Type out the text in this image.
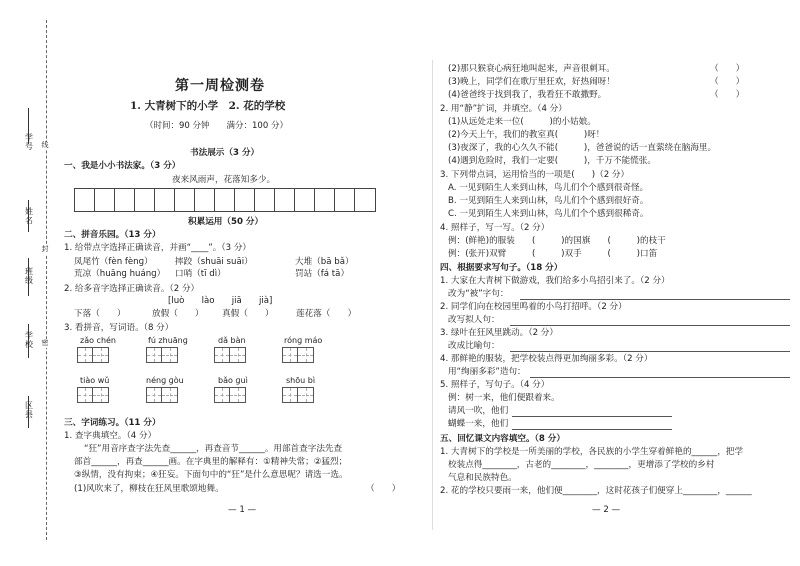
学号
姓名
班级
学校
区县
线
封
密
第一周检测卷
1. 大青树下的小学　2. 花的学校
（时间：90 分钟　　满分：100 分）
书法展示（3 分）
一、我是小小书法家。（3 分）
夜来风雨声，花落知多少。
积累运用（50 分）
二、拼音乐园。（13 分）
1. 给带点字选择正确读音，并画“____”。（3 分）
凤尾竹（fèn fènɡ）	摔跤（shuāi suāi）	大堆（bā bǎ）
荒凉（huānɡ huánɡ） 口哨（tī dì）	罚站（fá tā）
2. 给多音字选择正确读音。（2 分）
[luò　　lào　　jiā　　jià]
下落（　　）	放假（　　） 真假（　　）	莲花落（　　）
3. 看拼音，写词语。（8 分）
zǎo chén	fú zhuānɡ	dǎ bàn	rónɡ máo
tiào wǔ	nénɡ ɡòu	bǎo ɡuì	shōu bì
三、字词练习。（11 分）
1. 查字典填空。（4 分）
“狂”用音序查字法先查______，再查音节______。用部首查字法先查
部首______，再查______画。在字典里的解释有：①精神失常；②猛烈；
③纵情，没有拘束；④狂妄。下面句中的“狂”是什么意思呢？请选一选。
(1)风吹来了，柳枝在狂风里歌颂地舞。	（　　）
— 1 —
(2)那只猴衰心病狂地叫起来，声音很刺耳。	（　　）
(3)晚上，同学们在歌厅里狂欢，好热闹呀！	（　　）
(4)爸爸终于找到我了，我看狂不敢撒野。	（　　）
2. 用“静”扩词，并填空。（4 分）
(1)从远处走来一位(　　　)的小姑娘。
(2)今天上午，我们的教室真(　　　)呀！
(3)夜深了，我的心久久不能(　　　)，爸爸说的话一直萦绕在脑海里。
(4)遇到危险时，我们一定要(　　　)，千万不能慌张。
3. 下列带点词，运用恰当的一项是(　　)（2 分）
A. 一见到陌生人来到山林，鸟儿们个个感到很奇怪。
B. 一见到陌生人来到山林，鸟儿们个个感到很好奇。
C. 一见到陌生人来到山林，鸟儿们个个感到很稀奇。
4. 照样子，写一写。（2 分）
例：(鲜艳)的服装　　(　　　)的国旗　　(　　　)的枝干
例：(张开)双臂　　　(　　　)双手　　　(　　　)口笛
四、根据要求写句子。（18 分）
1. 大家在大青树下做游戏，我们给多小鸟招引来了。（2 分）
改为“被”字句：
2. 同学们向在校园里鸣着的小鸟打招呼。（2 分）
改写拟人句：
3. 绿叶在狂风里跳动。（2 分）
改成比喻句：
4. 那鲜艳的服装，把学校装点得更加绚丽多彩。（2 分）
用“绚丽多彩”造句：
5. 照样子，写句子。（4 分）
例：树一来，他们便跟着来。
请风一吹，他们
蝴蝶一来，他们
五、回忆课文内容填空。（8 分）
1. 大青树下的学校是一所美丽的学校，各民族的小学生穿着鲜艳的______，把学
校装点得________，古老的________，________，更增添了学校的乡村
气息和民族特色。
2. 花的学校只要雨一来，他们便________，这时花孩子们便穿上________，______
— 2 —
